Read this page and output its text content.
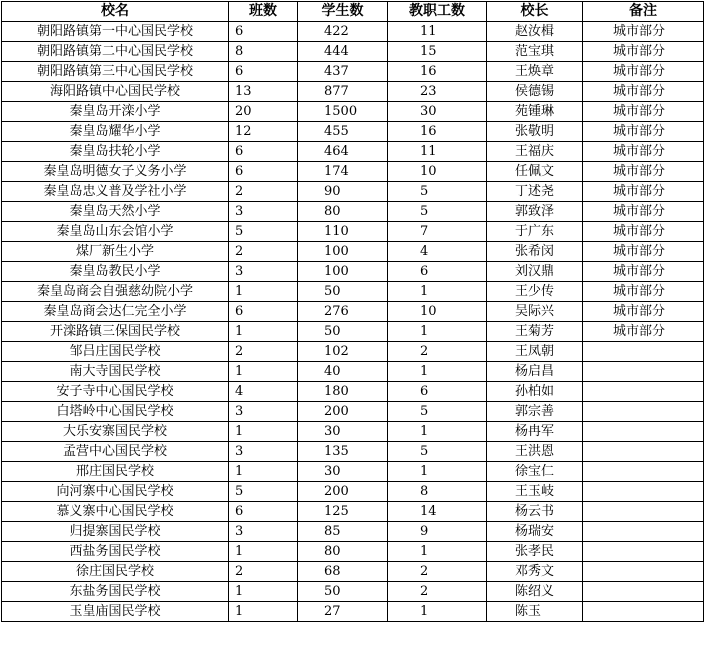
校名	班数	学生数	教职工数	校长	备注
朝阳路镇第一中心国民学校	6	422	11	赵汝楫	城市部分
朝阳路镇第二中心国民学校	8	444	15	范宝琪	城市部分
朝阳路镇第三中心国民学校	6	437	16	王焕章	城市部分
海阳路镇中心国民学校	13	877	23	侯德锡	城市部分
秦皇岛开滦小学	20	1500	30	苑锺琳	城市部分
秦皇岛耀华小学	12	455	16	张敬明	城市部分
秦皇岛扶轮小学	6	464	11	王福庆	城市部分
秦皇岛明德女子义务小学	6	174	10	任佩文	城市部分
秦皇岛忠义普及学社小学	2	90	5	丁述尧	城市部分
秦皇岛天然小学	3	80	5	郭致泽	城市部分
秦皇岛山东会馆小学	5	110	7	于广东	城市部分
煤厂新生小学	2	100	4	张希闵	城市部分
秦皇岛教民小学	3	100	6	刘汉鼎	城市部分
秦皇岛商会自强慈幼院小学	1	50	1	王少传	城市部分
秦皇岛商会达仁完全小学	6	276	10	吴际兴	城市部分
开滦路镇三保国民学校	1	50	1	王菊芳	城市部分
邹吕庄国民学校	2	102	2	王凤朝	
南大寺国民学校	1	40	1	杨启昌	
安子寺中心国民学校	4	180	6	孙柏如	
白塔岭中心国民学校	3	200	5	郭宗善	
大乐安寨国民学校	1	30	1	杨冉军	
孟营中心国民学校	3	135	5	王洪恩	
邢庄国民学校	1	30	1	徐宝仁	
向河寨中心国民学校	5	200	8	王玉岐	
慕义寨中心国民学校	6	125	14	杨云书	
归提寨国民学校	3	85	9	杨瑞安	
西盐务国民学校	1	80	1	张孝民	
徐庄国民学校	2	68	2	邓秀文	
东盐务国民学校	1	50	2	陈绍义	
玉皇庙国民学校	1	27	1	陈玉	
